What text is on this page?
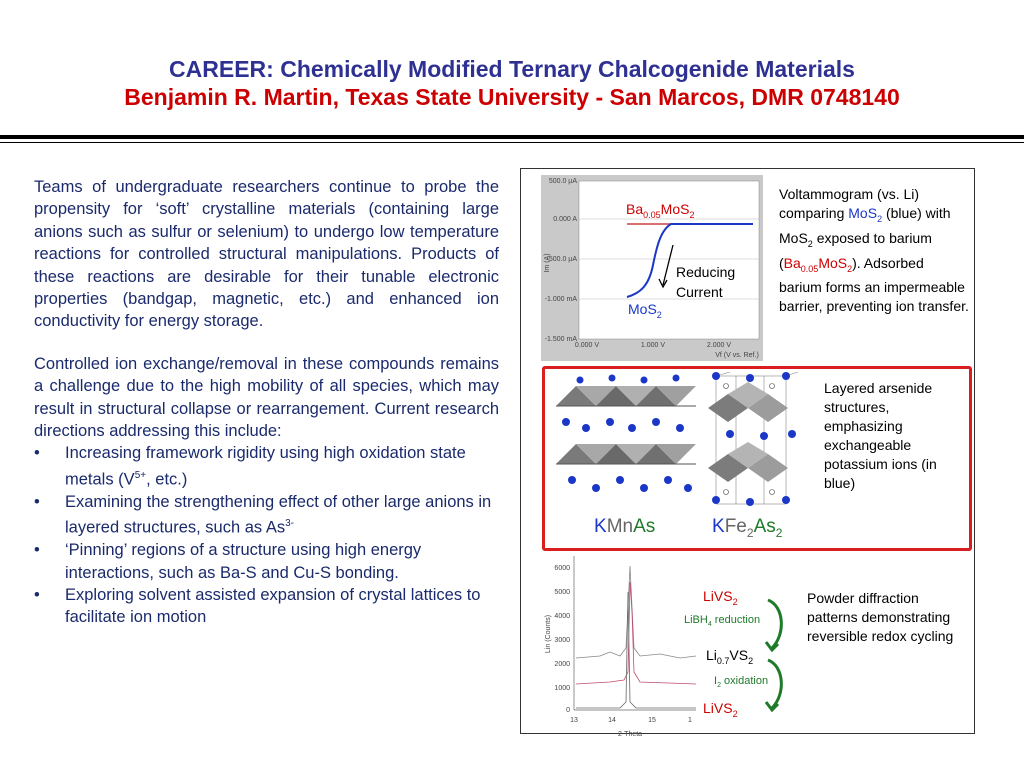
CAREER: Chemically Modified Ternary Chalcogenide Materials
Benjamin R. Martin, Texas State University - San Marcos, DMR 0748140

Teams of undergraduate researchers continue to probe the propensity for ‘soft’ crystalline materials (containing large anions such as sulfur or selenium) to undergo low temperature reactions for controlled structural manipulations. Products of these reactions are desirable for their tunable electronic properties (bandgap, magnetic, etc.) and enhanced ion conductivity for energy storage.

Controlled ion exchange/removal in these compounds remains a challenge due to the high mobility of all species, which may result in structural collapse or rearrangement. Current research directions addressing this include:

• Increasing framework rigidity using high oxidation state metals ($V^{5+}$, etc.)
• Examining the strengthening effect of other large anions in layered structures, such as $As^{3-}$
• ‘Pinning’ regions of a structure using high energy interactions, such as Ba-S and Cu-S bonding.
• Exploring solvent assisted expansion of crystal lattices to facilitate ion motion
500.0 µA
0.000 A
-500.0 µA
-1.000 mA
-1.500 mA
0.000 V	1.000 V	2.000 V
Vf (V vs. Ref.)
Im (A)
$Ba_{0.05}MoS_2$
MoS$_2$
Reducing
Current
Voltammogram (vs. Li) comparing MoS$_2$ (blue) with MoS$_2$ exposed to barium $(Ba_{0.05}MoS_2)$. Adsorbed barium forms an impermeable barrier, preventing ion transfer.
KMnAs	$KFe_2As_2$
Layered arsenide structures, emphasizing exchangeable potassium ions (in blue)
6000
5000
4000
3000
2000
1000
0
13	14	15	1
2-Theta
Lin (Counts)
LiVS$_2$
LiBH$_4$ reduction
$Li_{0.7}VS_2$
$I_2$ oxidation
LiVS$_2$
Powder diffraction patterns demonstrating reversible redox cycling
